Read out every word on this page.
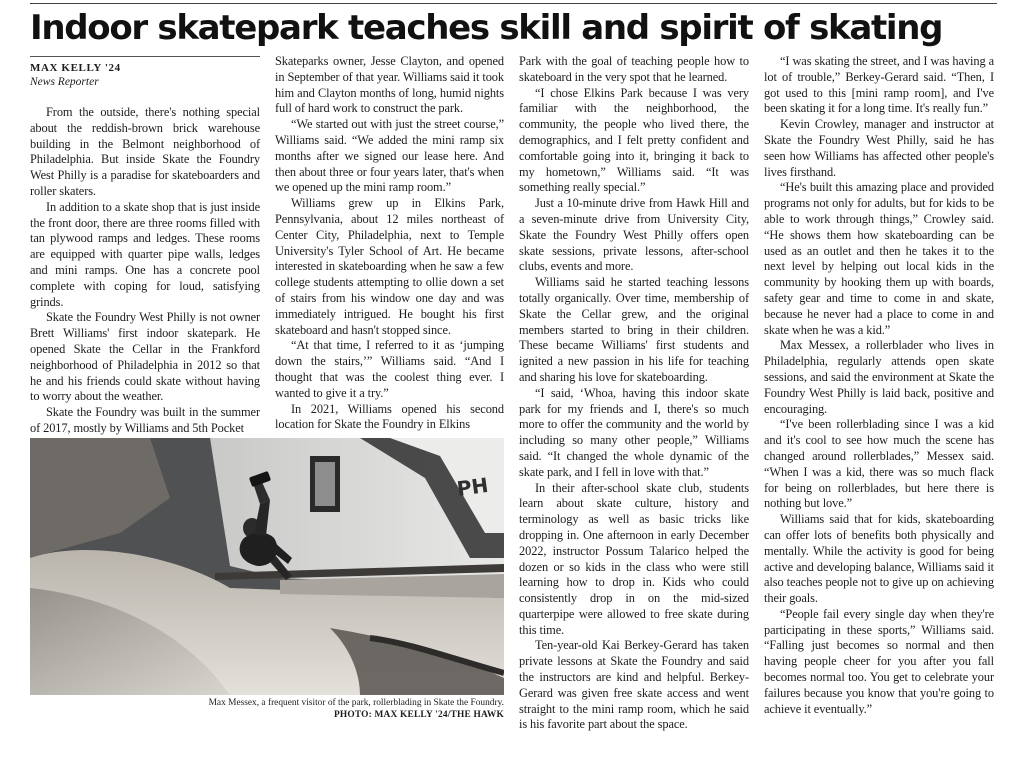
Indoor skatepark teaches skill and spirit of skating
MAX KELLY '24
News Reporter

From the outside, there's nothing special about the reddish-brown brick warehouse building in the Belmont neighborhood of Philadelphia. But inside Skate the Foundry West Philly is a paradise for skateboarders and roller skaters.

In addition to a skate shop that is just inside the front door, there are three rooms filled with tan plywood ramps and ledges. These rooms are equipped with quarter pipe walls, ledges and mini ramps. One has a concrete pool complete with coping for loud, satisfying grinds.

Skate the Foundry West Philly is not owner Brett Williams' first indoor skatepark. He opened Skate the Cellar in the Frankford neighborhood of Philadelphia in 2012 so that he and his friends could skate without having to worry about the weather.

Skate the Foundry was built in the summer of 2017, mostly by Williams and 5th Pocket

Skateparks owner, Jesse Clayton, and opened in September of that year. Williams said it took him and Clayton months of long, humid nights full of hard work to construct the park.

“We started out with just the street course,” Williams said. “We added the mini ramp six months after we signed our lease here. And then about three or four years later, that's when we opened up the mini ramp room.”

Williams grew up in Elkins Park, Pennsylvania, about 12 miles northeast of Center City, Philadelphia, next to Temple University's Tyler School of Art. He became interested in skateboarding when he saw a few college students attempting to ollie down a set of stairs from his window one day and was immediately intrigued. He bought his first skateboard and hasn't stopped since.

“At that time, I referred to it as ‘jumping down the stairs,’” Williams said. “And I thought that was the coolest thing ever. I wanted to give it a try.”

In 2021, Williams opened his second location for Skate the Foundry in Elkins

Park with the goal of teaching people how to skateboard in the very spot that he learned.

“I chose Elkins Park because I was very familiar with the neighborhood, the community, the people who lived there, the demographics, and I felt pretty confident and comfortable going into it, bringing it back to my hometown,” Williams said. “It was something really special.”

Just a 10-minute drive from Hawk Hill and a seven-minute drive from University City, Skate the Foundry West Philly offers open skate sessions, private lessons, after-school clubs, events and more.

Williams said he started teaching lessons totally organically. Over time, membership of Skate the Cellar grew, and the original members started to bring in their children. These became Williams' first students and ignited a new passion in his life for teaching and sharing his love for skateboarding.

“I said, ‘Whoa, having this indoor skate park for my friends and I, there's so much more to offer the community and the world by including so many other people,” Williams said. “It changed the whole dynamic of the skate park, and I fell in love with that.”

In their after-school skate club, students learn about skate culture, history and terminology as well as basic tricks like dropping in. One afternoon in early December 2022, instructor Possum Talarico helped the dozen or so kids in the class who were still learning how to drop in. Kids who could consistently drop in on the mid-sized quarterpipe were allowed to free skate during this time.

Ten-year-old Kai Berkey-Gerard has taken private lessons at Skate the Foundry and said the instructors are kind and helpful. Berkey-Gerard was given free skate access and went straight to the mini ramp room, which he said is his favorite part about the space.

“I was skating the street, and I was having a lot of trouble,” Berkey-Gerard said. “Then, I got used to this [mini ramp room], and I've been skating it for a long time. It's really fun.”

Kevin Crowley, manager and instructor at Skate the Foundry West Philly, said he has seen how Williams has affected other people's lives firsthand.

“He's built this amazing place and provided programs not only for adults, but for kids to be able to work through things,” Crowley said. “He shows them how skateboarding can be used as an outlet and then he takes it to the next level by helping out local kids in the community by hooking them up with boards, safety gear and time to come in and skate, because he never had a place to come in and skate when he was a kid.”

Max Messex, a rollerblader who lives in Philadelphia, regularly attends open skate sessions, and said the environment at Skate the Foundry West Philly is laid back, positive and encouraging.

“I've been rollerblading since I was a kid and it's cool to see how much the scene has changed around rollerblades,” Messex said. “When I was a kid, there was so much flack for being on rollerblades, but here there is nothing but love.”

Williams said that for kids, skateboarding can offer lots of benefits both physically and mentally. While the activity is good for being active and developing balance, Williams said it also teaches people not to give up on achieving their goals.

“People fail every single day when they're participating in these sports,” Williams said. “Falling just becomes so normal and then having people cheer for you after you fall becomes normal too. You get to celebrate your failures because you know that you're going to achieve it eventually.”

PH
Max Messex, a frequent visitor of the park, rollerblading in Skate the Foundry.
PHOTO: MAX KELLY '24/THE HAWK
